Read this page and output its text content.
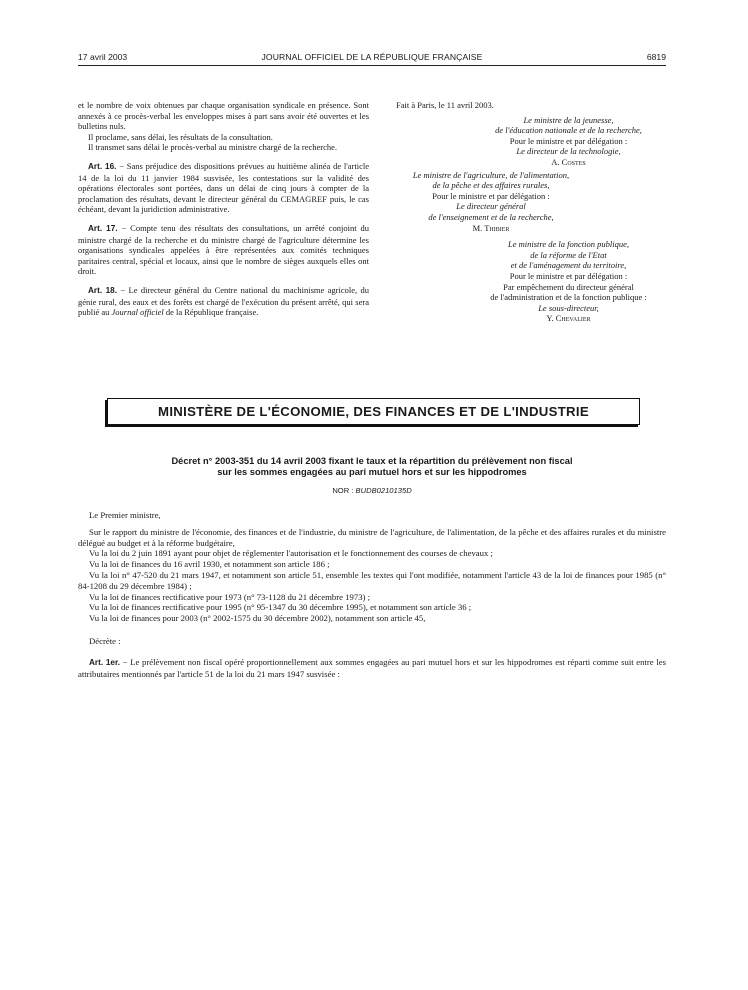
17 avril 2003	JOURNAL OFFICIEL DE LA RÉPUBLIQUE FRANÇAISE	6819

et le nombre de voix obtenues par chaque organisation syndicale en présence. Sont annexés à ce procès-verbal les enveloppes mises à part sans avoir été ouvertes et les bulletins nuls.

Il proclame, sans délai, les résultats de la consultation.

Il transmet sans délai le procès-verbal au ministre chargé de la recherche.

Art. 16. − Sans préjudice des dispositions prévues au huitième alinéa de l'article 14 de la loi du 11 janvier 1984 susvisée, les contestations sur la validité des opérations électorales sont portées, dans un délai de cinq jours à compter de la proclamation des résultats, devant le directeur général du CEMAGREF puis, le cas échéant, devant la juridiction administrative.

Art. 17. − Compte tenu des résultats des consultations, un arrêté conjoint du ministre chargé de la recherche et du ministre chargé de l'agriculture détermine les organisations syndicales appelées à être représentées aux comités techniques paritaires central, spécial et locaux, ainsi que le nombre de sièges auxquels elles ont droit.

Art. 18. − Le directeur général du Centre national du machinisme agricole, du génie rural, des eaux et des forêts est chargé de l'exécution du présent arrêté, qui sera publié au Journal officiel de la République française.

Fait à Paris, le 11 avril 2003.

Le ministre de la jeunesse,
de l'éducation nationale et de la recherche,
Pour le ministre et par délégation :
Le directeur de la technologie,
A. Costes
Le ministre de l'agriculture, de l'alimentation,
de la pêche et des affaires rurales,
Pour le ministre et par délégation :
Le directeur général
de l'enseignement et de la recherche,
M. Thibier
Le ministre de la fonction publique,
de la réforme de l'Etat
et de l'aménagement du territoire,
Pour le ministre et par délégation :
Par empêchement du directeur général
de l'administration et de la fonction publique :
Le sous-directeur,
Y. Chevalier
MINISTÈRE DE L'ÉCONOMIE, DES FINANCES ET DE L'INDUSTRIE
Décret n° 2003-351 du 14 avril 2003 fixant le taux et la répartition du prélèvement non fiscal
sur les sommes engagées au pari mutuel hors et sur les hippodromes
NOR : BUDB0210135D

Le Premier ministre,

Sur le rapport du ministre de l'économie, des finances et de l'industrie, du ministre de l'agriculture, de l'alimentation, de la pêche et des affaires rurales et du ministre délégué au budget et à la réforme budgétaire,

Vu la loi du 2 juin 1891 ayant pour objet de réglementer l'autorisation et le fonctionnement des courses de chevaux ;

Vu la loi de finances du 16 avril 1930, et notamment son article 186 ;

Vu la loi n° 47-520 du 21 mars 1947, et notamment son article 51, ensemble les textes qui l'ont modifiée, notamment l'article 43 de la loi de finances pour 1985 (n° 84-1208 du 29 décembre 1984) ;

Vu la loi de finances rectificative pour 1973 (n° 73-1128 du 21 décembre 1973) ;

Vu la loi de finances rectificative pour 1995 (n° 95-1347 du 30 décembre 1995), et notamment son article 36 ;

Vu la loi de finances pour 2003 (n° 2002-1575 du 30 décembre 2002), notamment son article 45,

Décrète :

Art. 1er. − Le prélèvement non fiscal opéré proportionnellement aux sommes engagées au pari mutuel hors et sur les hippodromes est réparti comme suit entre les attributaires mentionnés par l'article 51 de la loi du 21 mars 1947 susvisée :
